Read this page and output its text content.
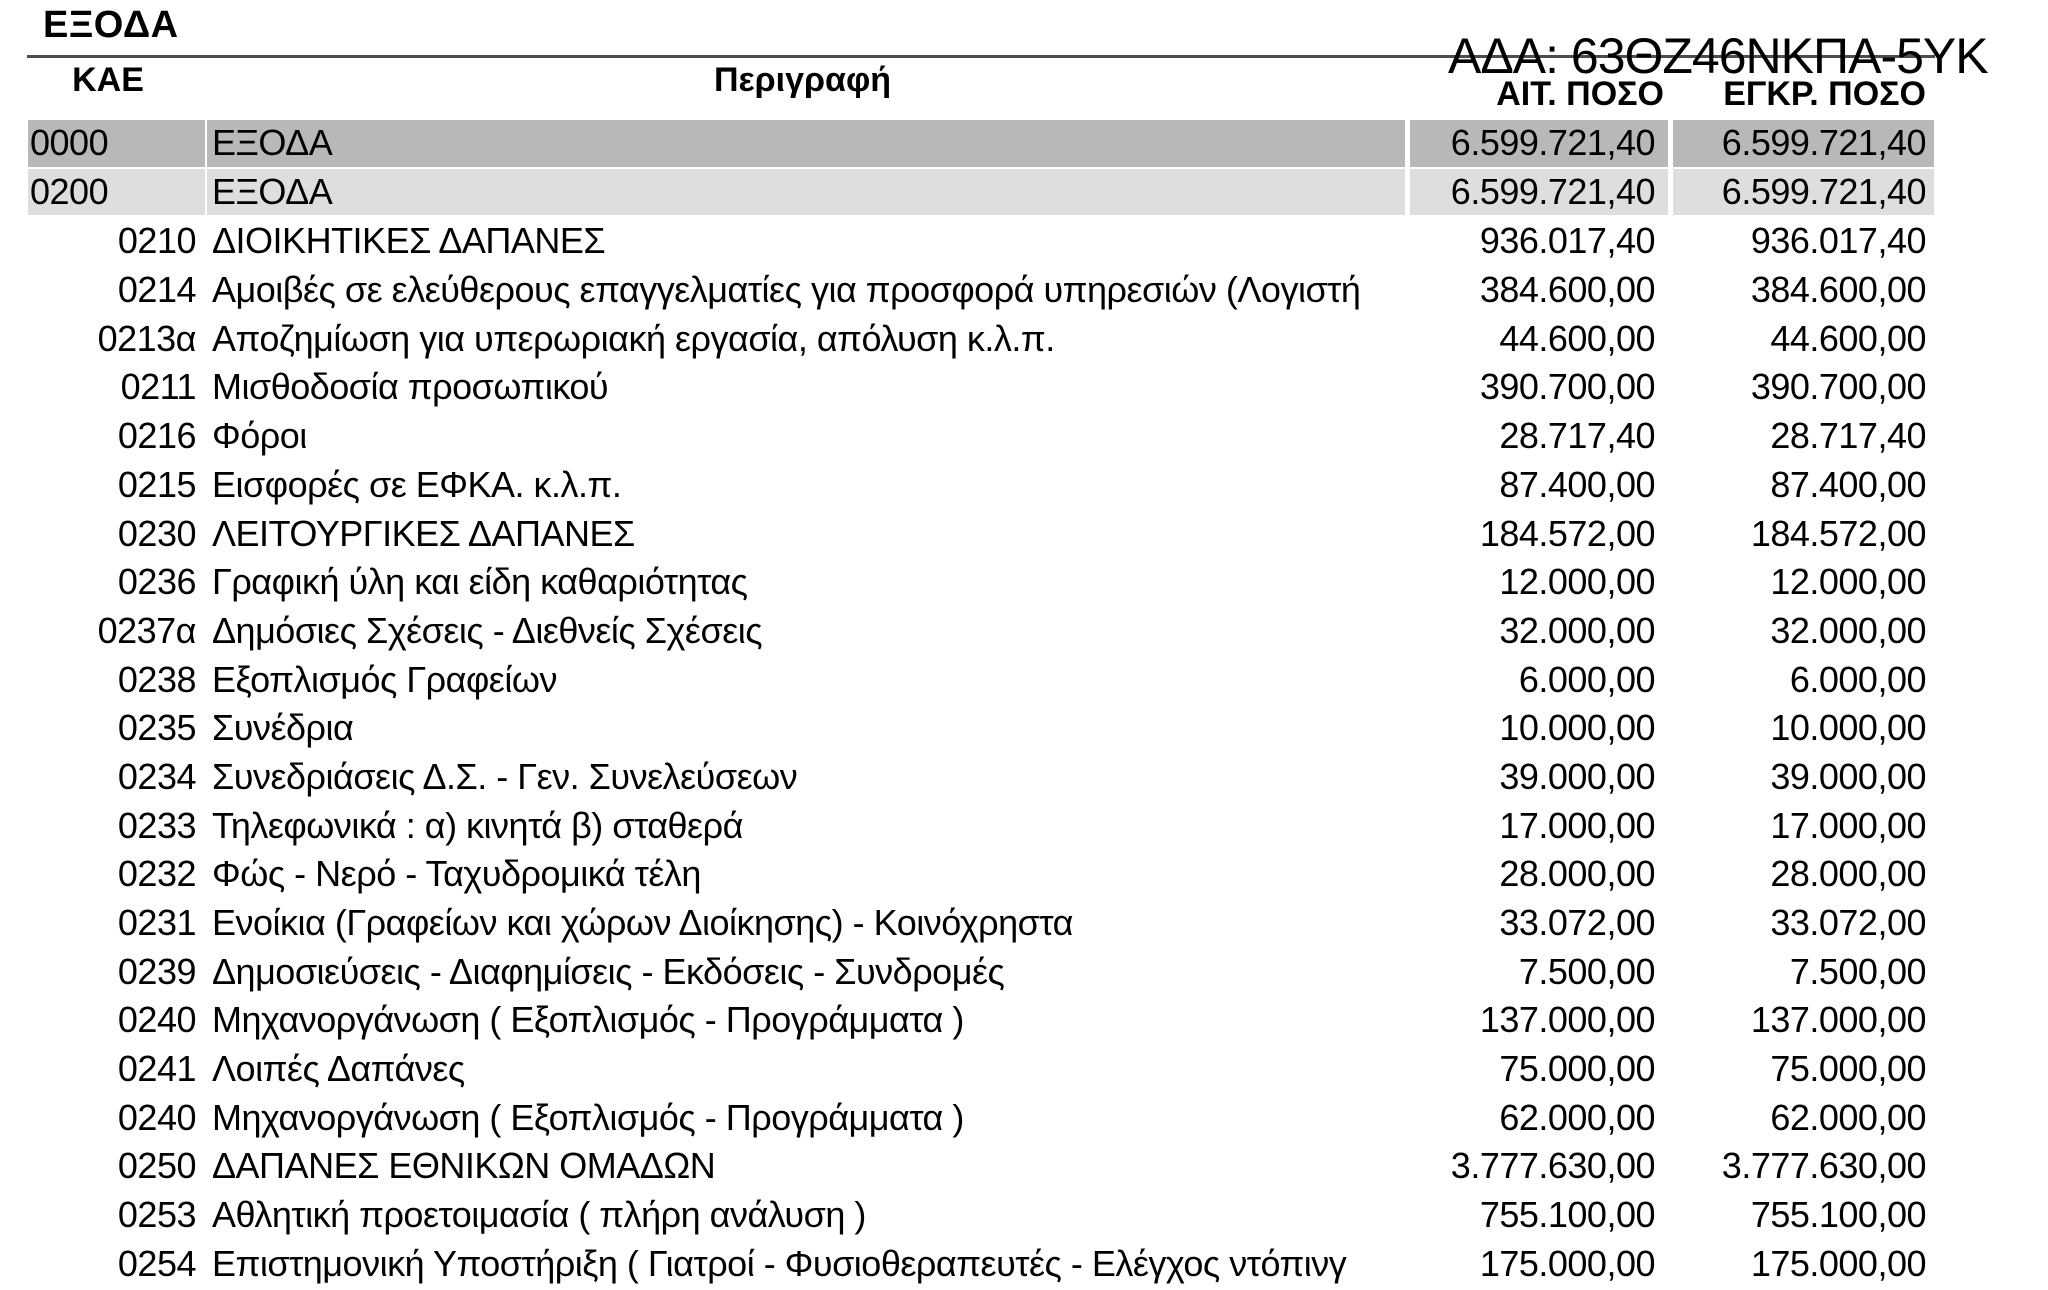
ΕΞΟΔΑ
ΚΑΕ	Περιγραφή	ΑΙΤ. ΠΟΣΟ	ΕΓΚΡ. ΠΟΣΟ
ΑΔΑ: 63ΘΖ46ΝΚΠΑ-5ΥΚ
0000	ΕΞΟΔΑ	6.599.721,40	6.599.721,40
0200	ΕΞΟΔΑ	6.599.721,40	6.599.721,40
0210 ΔΙΟΙΚΗΤΙΚΕΣ ΔΑΠΑΝΕΣ	936.017,40	936.017,40
0214 Αμοιβές σε ελεύθερους επαγγελματίες για προσφορά υπηρεσιών (Λογιστή	384.600,00	384.600,00
0213α Αποζημίωση για υπερωριακή εργασία, απόλυση κ.λ.π.	44.600,00	44.600,00
0211 Μισθοδοσία προσωπικού	390.700,00	390.700,00
0216 Φόροι	28.717,40	28.717,40
0215 Εισφορές σε ΕΦΚΑ. κ.λ.π.	87.400,00	87.400,00
0230 ΛΕΙΤΟΥΡΓΙΚΕΣ ΔΑΠΑΝΕΣ	184.572,00	184.572,00
0236 Γραφική ύλη και είδη καθαριότητας	12.000,00	12.000,00
0237α Δημόσιες Σχέσεις - Διεθνείς Σχέσεις	32.000,00	32.000,00
0238 Εξοπλισμός Γραφείων	6.000,00	6.000,00
0235 Συνέδρια	10.000,00	10.000,00
0234 Συνεδριάσεις Δ.Σ. - Γεν. Συνελεύσεων	39.000,00	39.000,00
0233 Τηλεφωνικά : α) κινητά β) σταθερά	17.000,00	17.000,00
0232 Φώς - Νερό - Ταχυδρομικά τέλη	28.000,00	28.000,00
0231 Ενοίκια (Γραφείων και χώρων Διοίκησης) - Κοινόχρηστα	33.072,00	33.072,00
0239 Δημοσιεύσεις - Διαφημίσεις - Εκδόσεις - Συνδρομές	7.500,00	7.500,00
0240 Μηχανοργάνωση ( Εξοπλισμός - Προγράμματα )	137.000,00	137.000,00
0241 Λοιπές Δαπάνες	75.000,00	75.000,00
0240 Μηχανοργάνωση ( Εξοπλισμός - Προγράμματα )	62.000,00	62.000,00
0250 ΔΑΠΑΝΕΣ ΕΘΝΙΚΩΝ ΟΜΑΔΩΝ	3.777.630,00	3.777.630,00
0253 Αθλητική προετοιμασία ( πλήρη ανάλυση )	755.100,00	755.100,00
0254 Επιστημονική Υποστήριξη ( Γιατροί - Φυσιοθεραπευτές - Ελέγχος ντόπινγ	175.000,00	175.000,00
